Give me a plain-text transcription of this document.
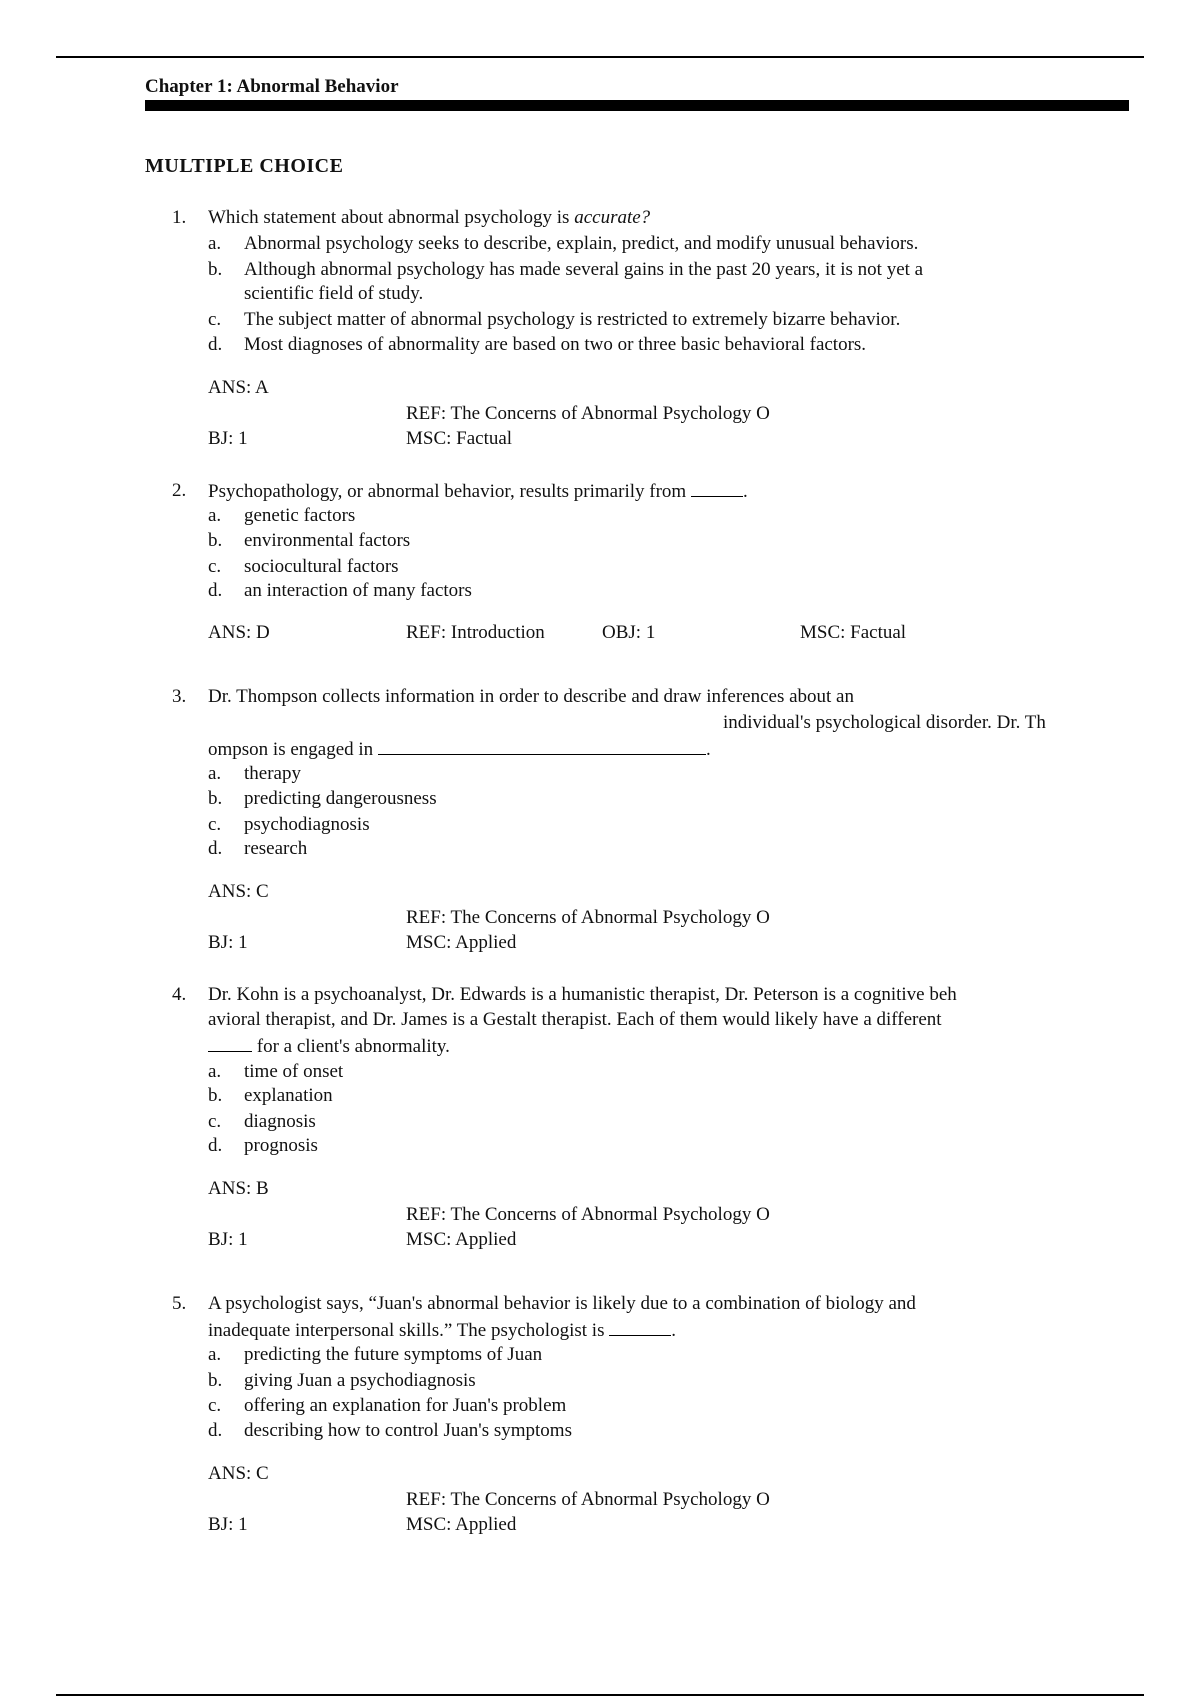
Chapter 1: Abnormal Behavior
MULTIPLE CHOICE
1. Which statement about abnormal psychology is accurate?
a. Abnormal psychology seeks to describe, explain, predict, and modify unusual behaviors.
b. Although abnormal psychology has made several gains in the past 20 years, it is not yet a
scientific field of study.
c. The subject matter of abnormal psychology is restricted to extremely bizarre behavior.
d. Most diagnoses of abnormality are based on two or three basic behavioral factors.
ANS: A
REF: The Concerns of Abnormal Psychology O
BJ: 1	MSC: Factual
2. Psychopathology, or abnormal behavior, results primarily from	.
a. genetic factors
b. environmental factors
c. sociocultural factors
d. an interaction of many factors
ANS: D	REF: Introduction	OBJ: 1	MSC: Factual
3. Dr. Thompson collects information in order to describe and draw inferences about an
individual's psychological disorder. Dr. Th
ompson is engaged in	.
a. therapy
b. predicting dangerousness
c. psychodiagnosis
d. research
ANS: C
REF: The Concerns of Abnormal Psychology O
BJ: 1	MSC: Applied
4. Dr. Kohn is a psychoanalyst, Dr. Edwards is a humanistic therapist, Dr. Peterson is a cognitive beh
avioral therapist, and Dr. James is a Gestalt therapist. Each of them would likely have a different
for a client's abnormality.
a. time of onset
b. explanation
c. diagnosis
d. prognosis
ANS: B
REF: The Concerns of Abnormal Psychology O
BJ: 1	MSC: Applied
5. A psychologist says, “Juan's abnormal behavior is likely due to a combination of biology and
inadequate interpersonal skills.” The psychologist is	.
a. predicting the future symptoms of Juan
b. giving Juan a psychodiagnosis
c. offering an explanation for Juan's problem
d. describing how to control Juan's symptoms
ANS: C
REF: The Concerns of Abnormal Psychology O
BJ: 1	MSC: Applied
